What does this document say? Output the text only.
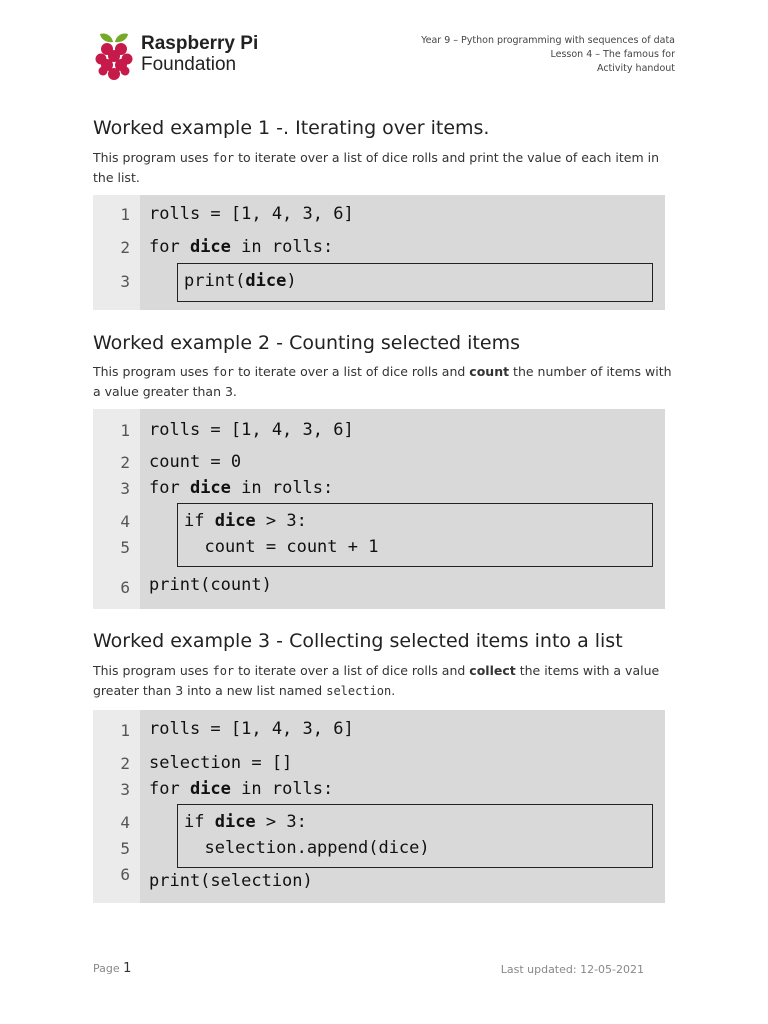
Raspberry Pi
Foundation
Year 9 – Python programming with sequences of data
Lesson 4 – The famous for
Activity handout
Worked example 1 -. Iterating over items.

This program uses for to iterate over a list of dice rolls and print the value of each item in the list.

1 rolls = [1, 4, 3, 6]
2 for dice in rolls:
3	print(dice)
Worked example 2 - Counting selected items

This program uses for to iterate over a list of dice rolls and count the number of items with a value greater than 3.

1 rolls = [1, 4, 3, 6]
2 count = 0
3 for dice in rolls:
4	if dice > 3:
5	count = count + 1
6 print(count)
Worked example 3 - Collecting selected items into a list

This program uses for to iterate over a list of dice rolls and collect the items with a value greater than 3 into a new list named selection.

1 rolls = [1, 4, 3, 6]
2 selection = []
3 for dice in rolls:
4	if dice > 3:
5	selection.append(dice)
6 print(selection)
Page 1	Last updated: 12-05-2021
